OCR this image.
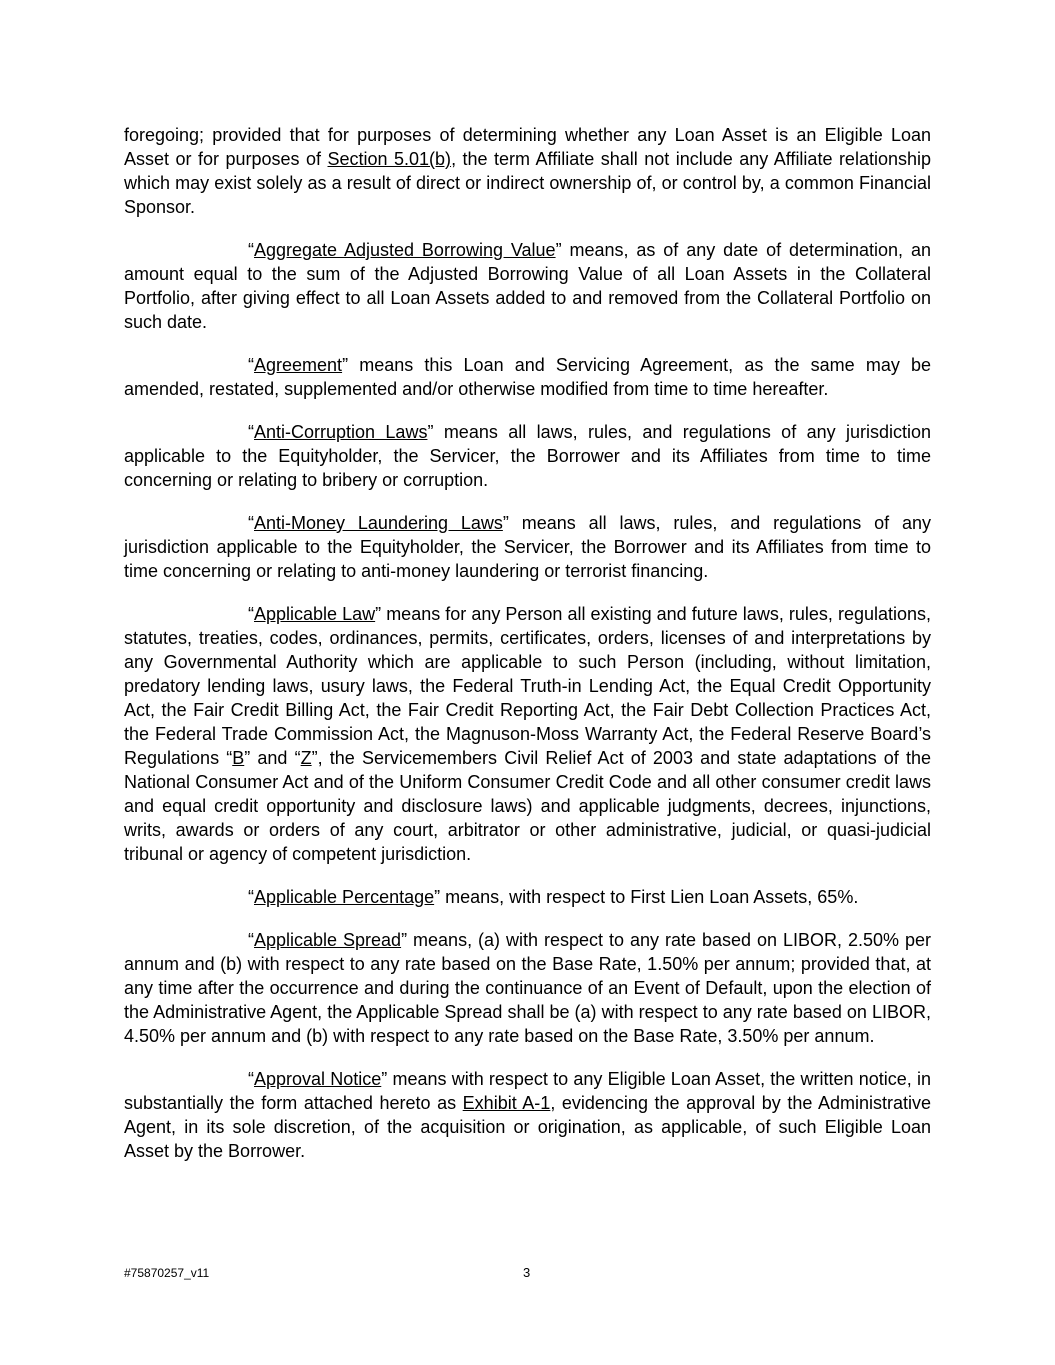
foregoing; provided that for purposes of determining whether any Loan Asset is an Eligible Loan Asset or for purposes of Section 5.01(b), the term Affiliate shall not include any Affiliate relationship which may exist solely as a result of direct or indirect ownership of, or control by, a common Financial Sponsor.

“Aggregate Adjusted Borrowing Value” means, as of any date of determination, an amount equal to the sum of the Adjusted Borrowing Value of all Loan Assets in the Collateral Portfolio, after giving effect to all Loan Assets added to and removed from the Collateral Portfolio on such date.

“Agreement” means this Loan and Servicing Agreement, as the same may be amended, restated, supplemented and/or otherwise modified from time to time hereafter.

“Anti-Corruption Laws” means all laws, rules, and regulations of any jurisdiction applicable to the Equityholder, the Servicer, the Borrower and its Affiliates from time to time concerning or relating to bribery or corruption.

“Anti-Money Laundering Laws” means all laws, rules, and regulations of any jurisdiction applicable to the Equityholder, the Servicer, the Borrower and its Affiliates from time to time concerning or relating to anti-money laundering or terrorist financing.

“Applicable Law” means for any Person all existing and future laws, rules, regulations, statutes, treaties, codes, ordinances, permits, certificates, orders, licenses of and interpretations by any Governmental Authority which are applicable to such Person (including, without limitation, predatory lending laws, usury laws, the Federal Truth-in Lending Act, the Equal Credit Opportunity Act, the Fair Credit Billing Act, the Fair Credit Reporting Act, the Fair Debt Collection Practices Act, the Federal Trade Commission Act, the Magnuson-Moss Warranty Act, the Federal Reserve Board’s Regulations “B” and “Z”, the Servicemembers Civil Relief Act of 2003 and state adaptations of the National Consumer Act and of the Uniform Consumer Credit Code and all other consumer credit laws and equal credit opportunity and disclosure laws) and applicable judgments, decrees, injunctions, writs, awards or orders of any court, arbitrator or other administrative, judicial, or quasi-judicial tribunal or agency of competent jurisdiction.

“Applicable Percentage” means, with respect to First Lien Loan Assets, 65%.

“Applicable Spread” means, (a) with respect to any rate based on LIBOR, 2.50% per annum and (b) with respect to any rate based on the Base Rate, 1.50% per annum; provided that, at any time after the occurrence and during the continuance of an Event of Default, upon the election of the Administrative Agent, the Applicable Spread shall be (a) with respect to any rate based on LIBOR, 4.50% per annum and (b) with respect to any rate based on the Base Rate, 3.50% per annum.

“Approval Notice” means with respect to any Eligible Loan Asset, the written notice, in substantially the form attached hereto as Exhibit A-1, evidencing the approval by the Administrative Agent, in its sole discretion, of the acquisition or origination, as applicable, of such Eligible Loan Asset by the Borrower.

#75870257_v11	3
